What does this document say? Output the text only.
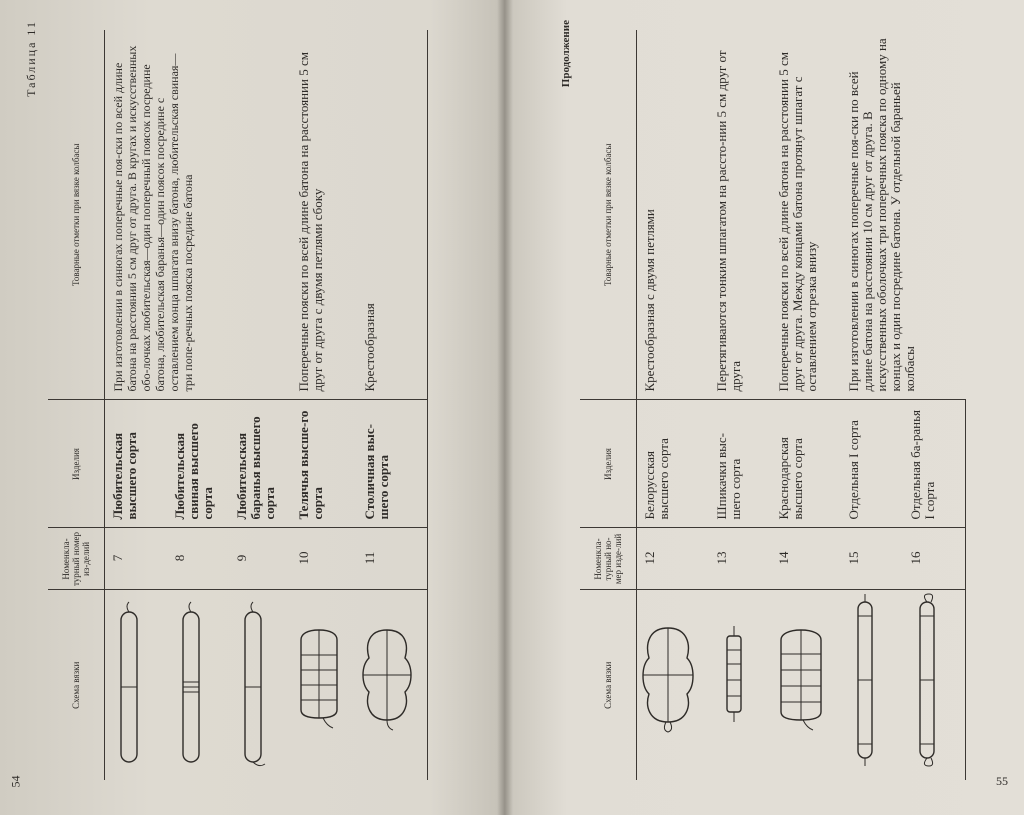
Таблица 11
Схема вязки	Номенкла-турный номер из-делий	Изделия	Товарные отметки при вязке колбасы

	7	Любительская высшего сорта	При изготовлении в синюгах поперечные поя-ски по всей длине батона на расстоянии 5 см друг от друга. В кругах и искусственных обо-лочках любительская—один поперечный поясок посредине батона, любительская баранья—один поясок посредине с оставлением конца шпагата внизу батона, любительская свиная—три попе-речных пояска посредине батона

	8	Любительская свиная высшего сорта	

	9	Любительская баранья высшего сорта	

	10	Телячья высше-го сорта	Поперечные пояски по всей длине батона на расстоянии 5 см друг от друга с двумя петлями сбоку

	11	Столичная выс-шего сорта	Крестообразная
54
Продолжение
Схема вязки	Номенкла-турный но-мер изде-лий	Изделия	Товарные отметки при вязке колбасы

	12	Белорусская высшего сорта	Крестообразная с двумя петлями

	13	Шпикачки выс-шего сорта	Перетягиваются тонким шпагатом на рассто-нии 5 см друг от друга

	14	Краснодарская высшего сорта	Поперечные пояски по всей длине батона на расстоянии 5 см друг от друга. Между концами батона протянут шпагат с оставлением отрезка внизу

	15	Отдельная I сорта	При изготовлении в синюгах поперечные поя-ски по всей длине батона на расстоянии 10 см друг от друга. В искусственных оболочках три поперечных пояска по одному на концах и один посредине батона. У отдельной бараньей колбасы

	16	Отдельная ба-ранья I сорта	
55
